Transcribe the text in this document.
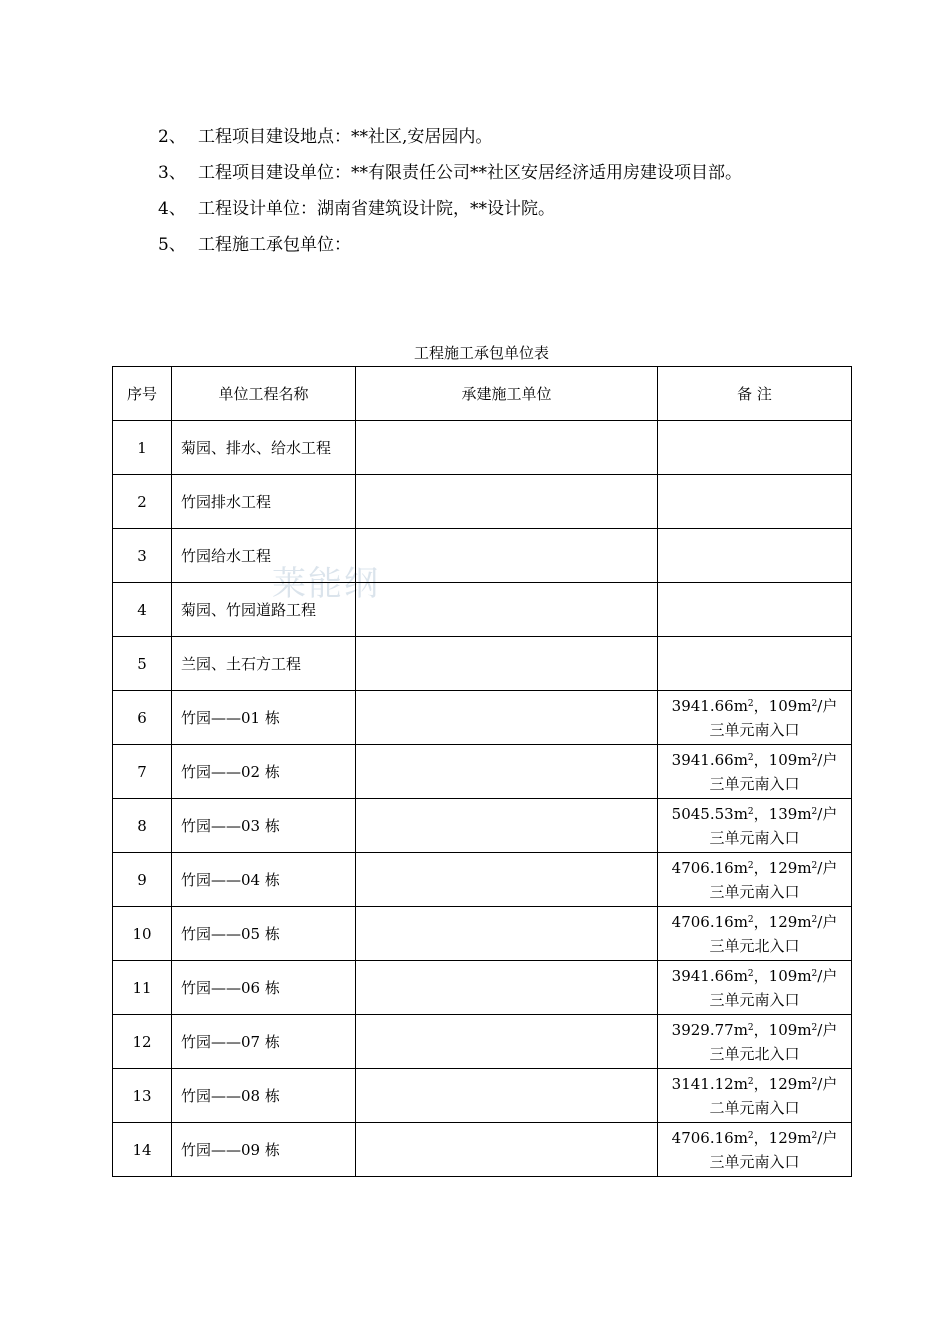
2、 工程项目建设地点：**社区,安居园内。
3、 工程项目建设单位：**有限责任公司**社区安居经济适用房建设项目部。
4、 工程设计单位：湖南省建筑设计院，**设计院。
5、 工程施工承包单位：
工程施工承包单位表
莱能纲
序号	单位工程名称	承建施工单位	备 注
1	菊园、排水、给水工程		
2	竹园排水工程		
3	竹园给水工程		
4	菊园、竹园道路工程		
5	兰园、土石方工程		
6	竹园——01 栋		$3941.66m^2$，$109m^2/$户
三单元南入口
7	竹园——02 栋		$3941.66m^2$，$109m^2/$户
三单元南入口
8	竹园——03 栋		$5045.53m^2$，$139m^2/$户
三单元南入口
9	竹园——04 栋		$4706.16m^2$，$129m^2/$户
三单元南入口
10	竹园——05 栋		$4706.16m^2$，$129m^2/$户
三单元北入口
11	竹园——06 栋		$3941.66m^2$，$109m^2/$户
三单元南入口
12	竹园——07 栋		$3929.77m^2$，$109m^2/$户
三单元北入口
13	竹园——08 栋		$3141.12m^2$，$129m^2/$户
二单元南入口
14	竹园——09 栋		$4706.16m^2$，$129m^2/$户
三单元南入口
